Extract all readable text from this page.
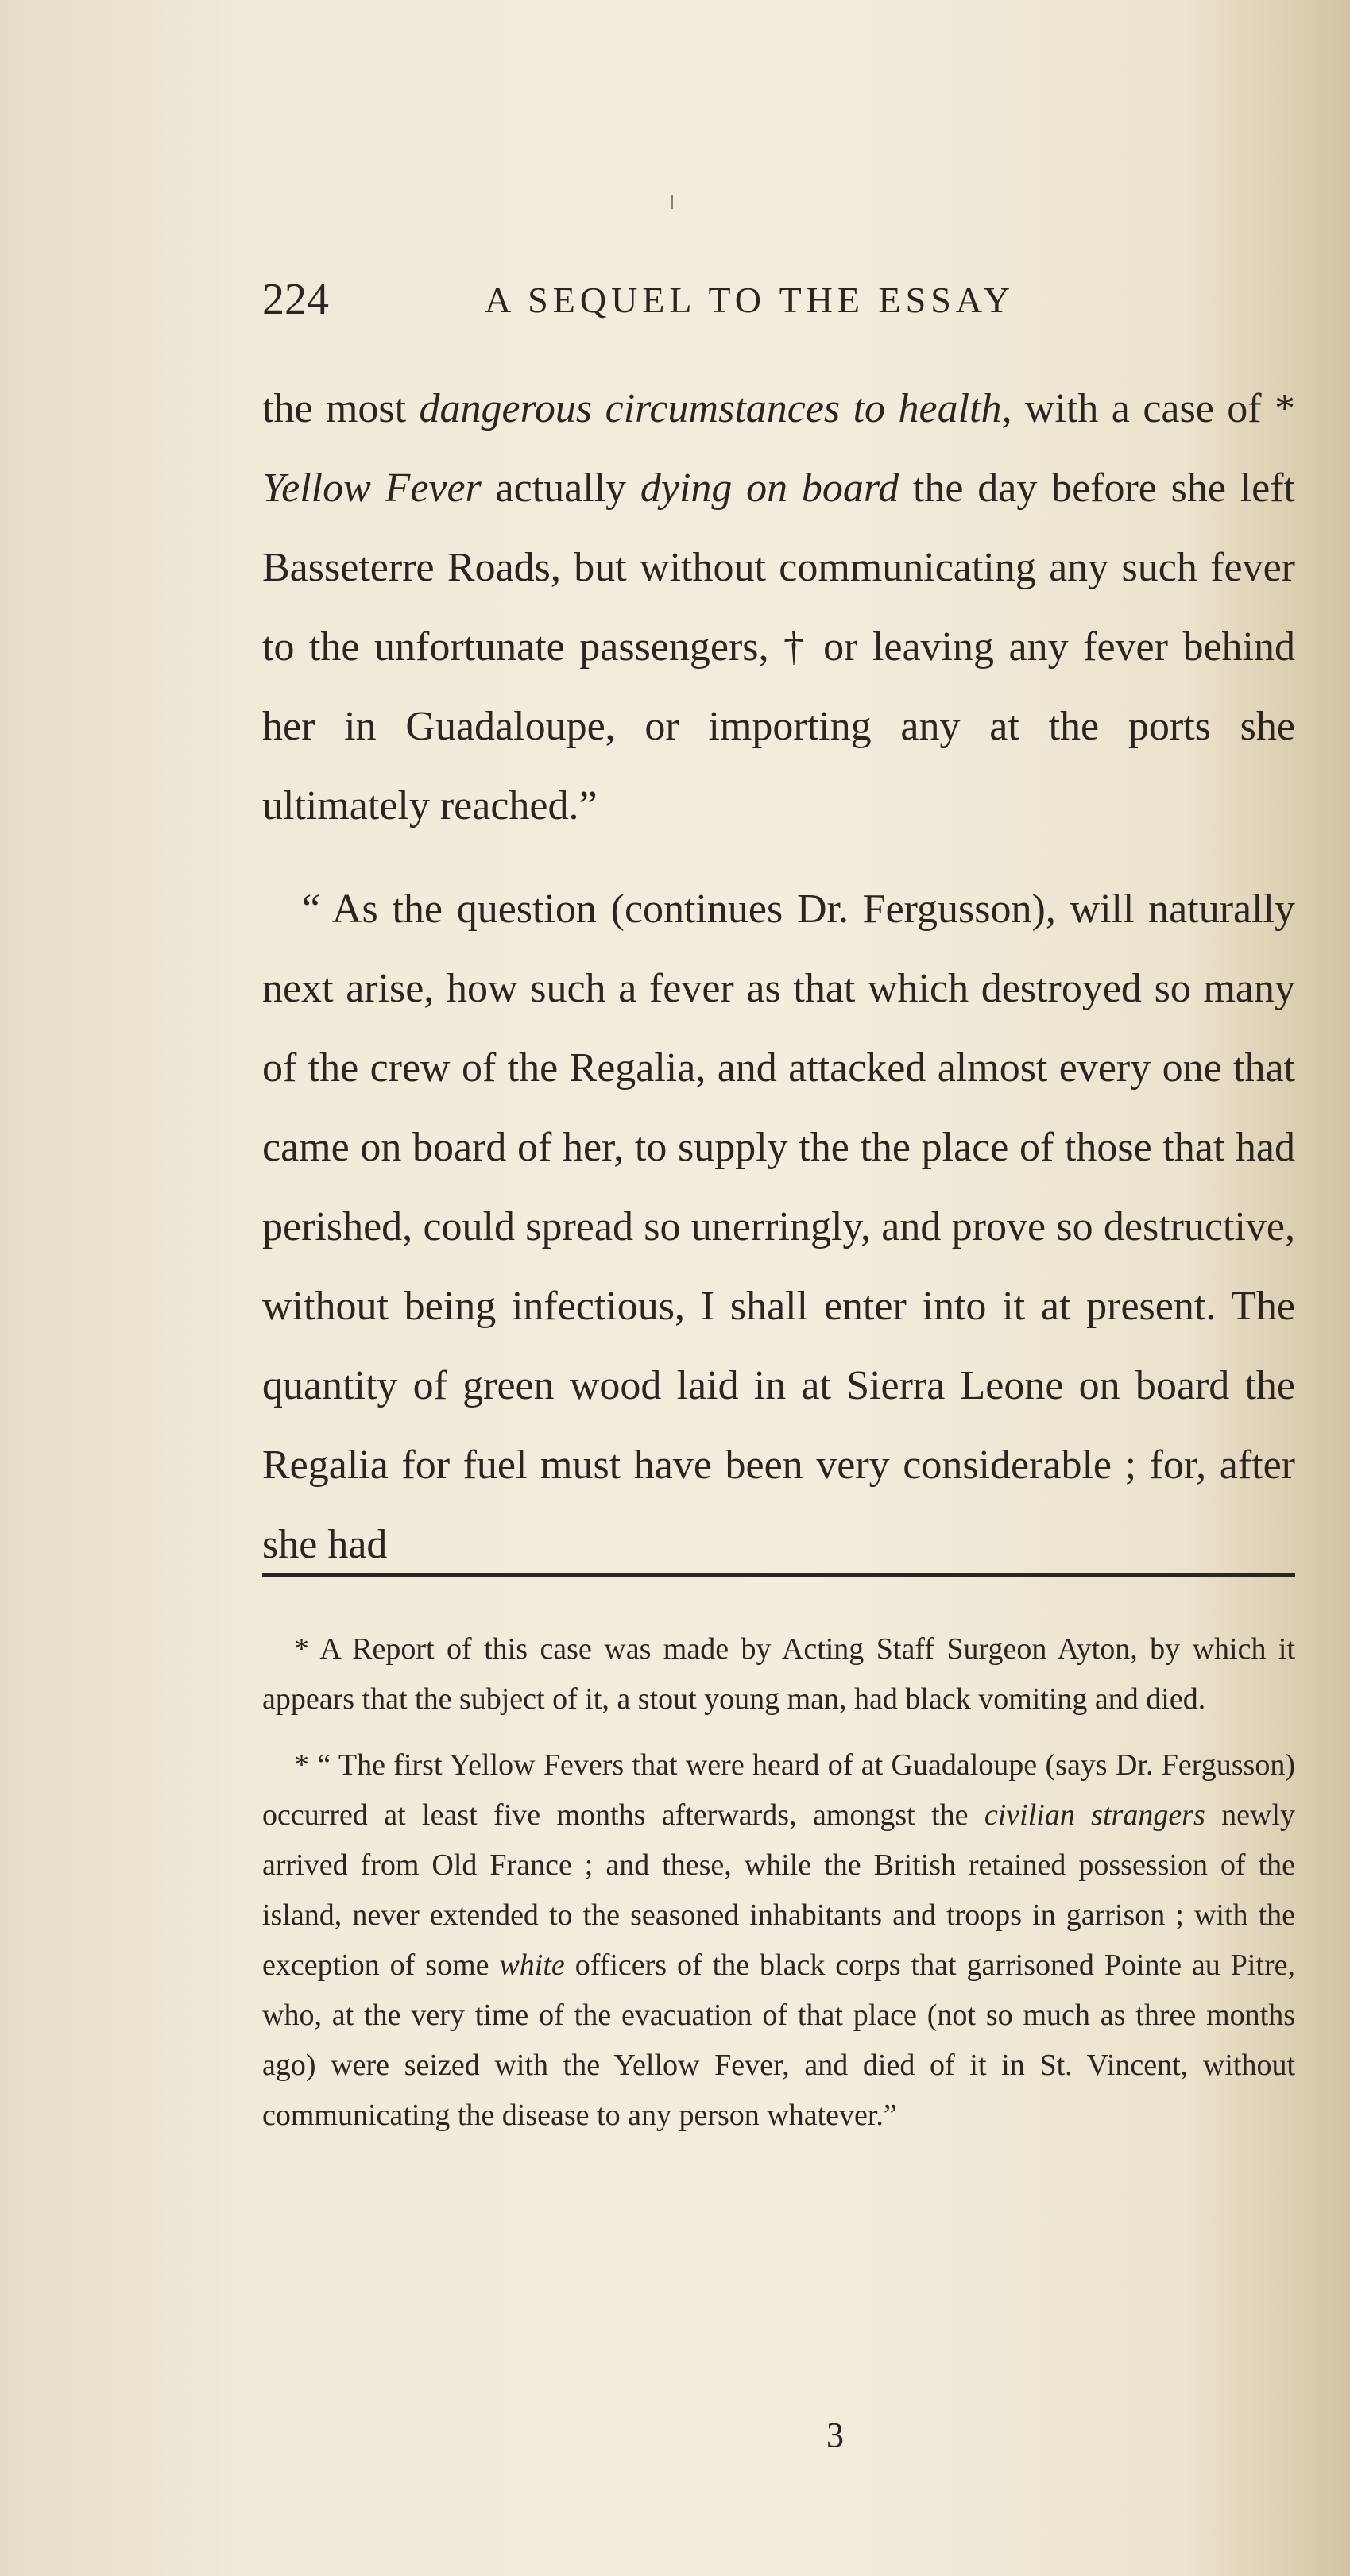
224	A SEQUEL TO THE ESSAY

the most dangerous circumstances to health, with a case of * Yellow Fever actually dying on board the day before she left Basseterre Roads, but without communicating any such fever to the unfortunate passengers, † or leaving any fever behind her in Guadaloupe, or importing any at the ports she ultimately reached.”

“ As the question (continues Dr. Fergusson), will naturally next arise, how such a fever as that which destroyed so many of the crew of the Regalia, and attacked almost every one that came on board of her, to supply the the place of those that had perished, could spread so unerringly, and prove so destructive, without being infectious, I shall enter into it at present. The quantity of green wood laid in at Sierra Leone on board the Regalia for fuel must have been very considerable ; for, after she had

* A Report of this case was made by Acting Staff Surgeon Ayton, by which it appears that the subject of it, a stout young man, had black vomiting and died.

* “ The first Yellow Fevers that were heard of at Guadaloupe (says Dr. Fergusson) occurred at least five months afterwards, amongst the civilian strangers newly arrived from Old France ; and these, while the British retained possession of the island, never extended to the seasoned inhabitants and troops in garrison ; with the exception of some white officers of the black corps that garrisoned Pointe au Pitre, who, at the very time of the evacuation of that place (not so much as three months ago) were seized with the Yellow Fever, and died of it in St. Vincent, without communicating the disease to any person whatever.”

3
